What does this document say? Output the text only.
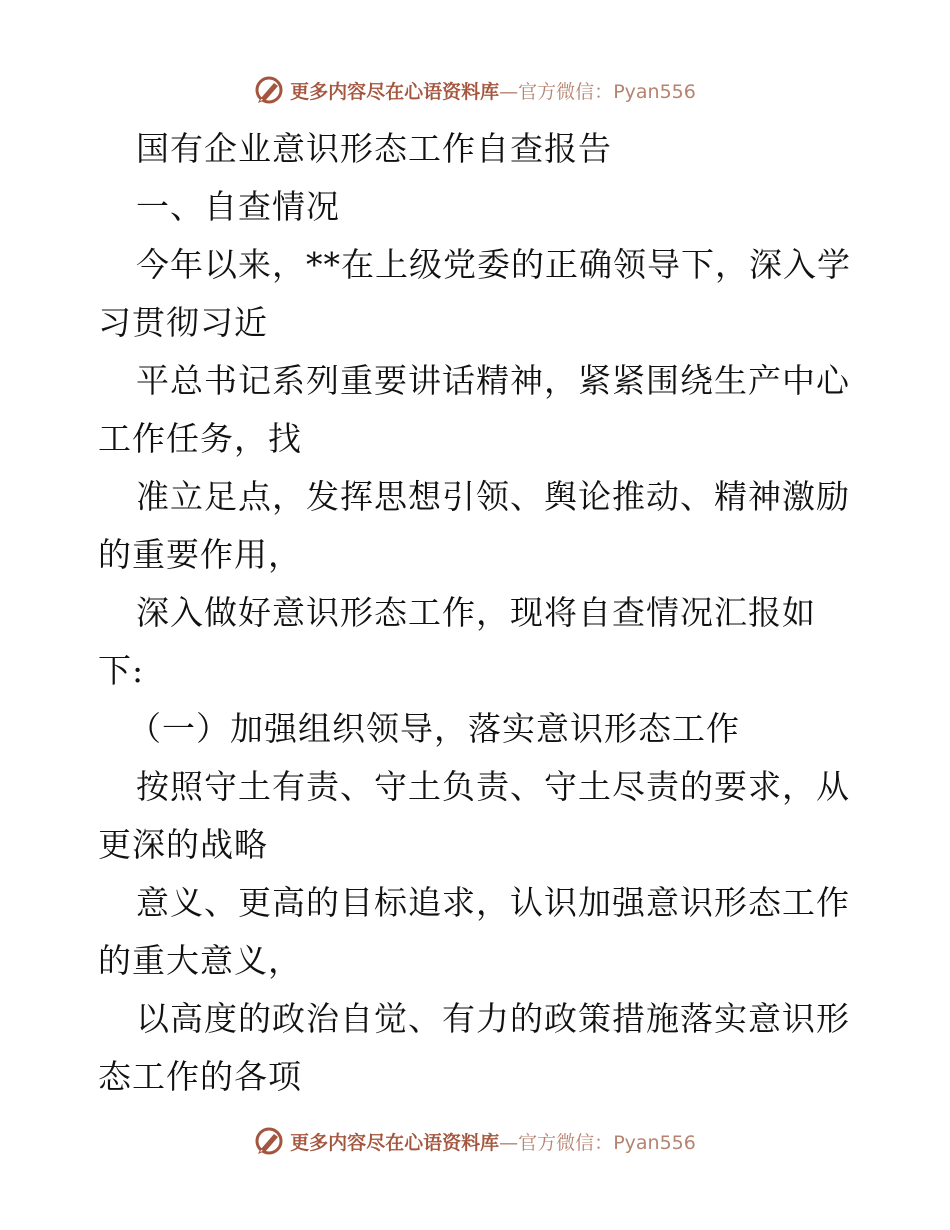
更多内容尽在心语资料库—官方微信：Pyan556
国有企业意识形态工作自查报告
一、自查情况
今年以来，**在上级党委的正确领导下，深入学
习贯彻习近
平总书记系列重要讲话精神，紧紧围绕生产中心
工作任务，找
准立足点，发挥思想引领、舆论推动、精神激励
的重要作用，
深入做好意识形态工作，现将自查情况汇报如
下:
（一）加强组织领导，落实意识形态工作
按照守土有责、守土负责、守土尽责的要求，从
更深的战略
意义、更高的目标追求，认识加强意识形态工作
的重大意义，
以高度的政治自觉、有力的政策措施落实意识形
态工作的各项
更多内容尽在心语资料库—官方微信：Pyan556
